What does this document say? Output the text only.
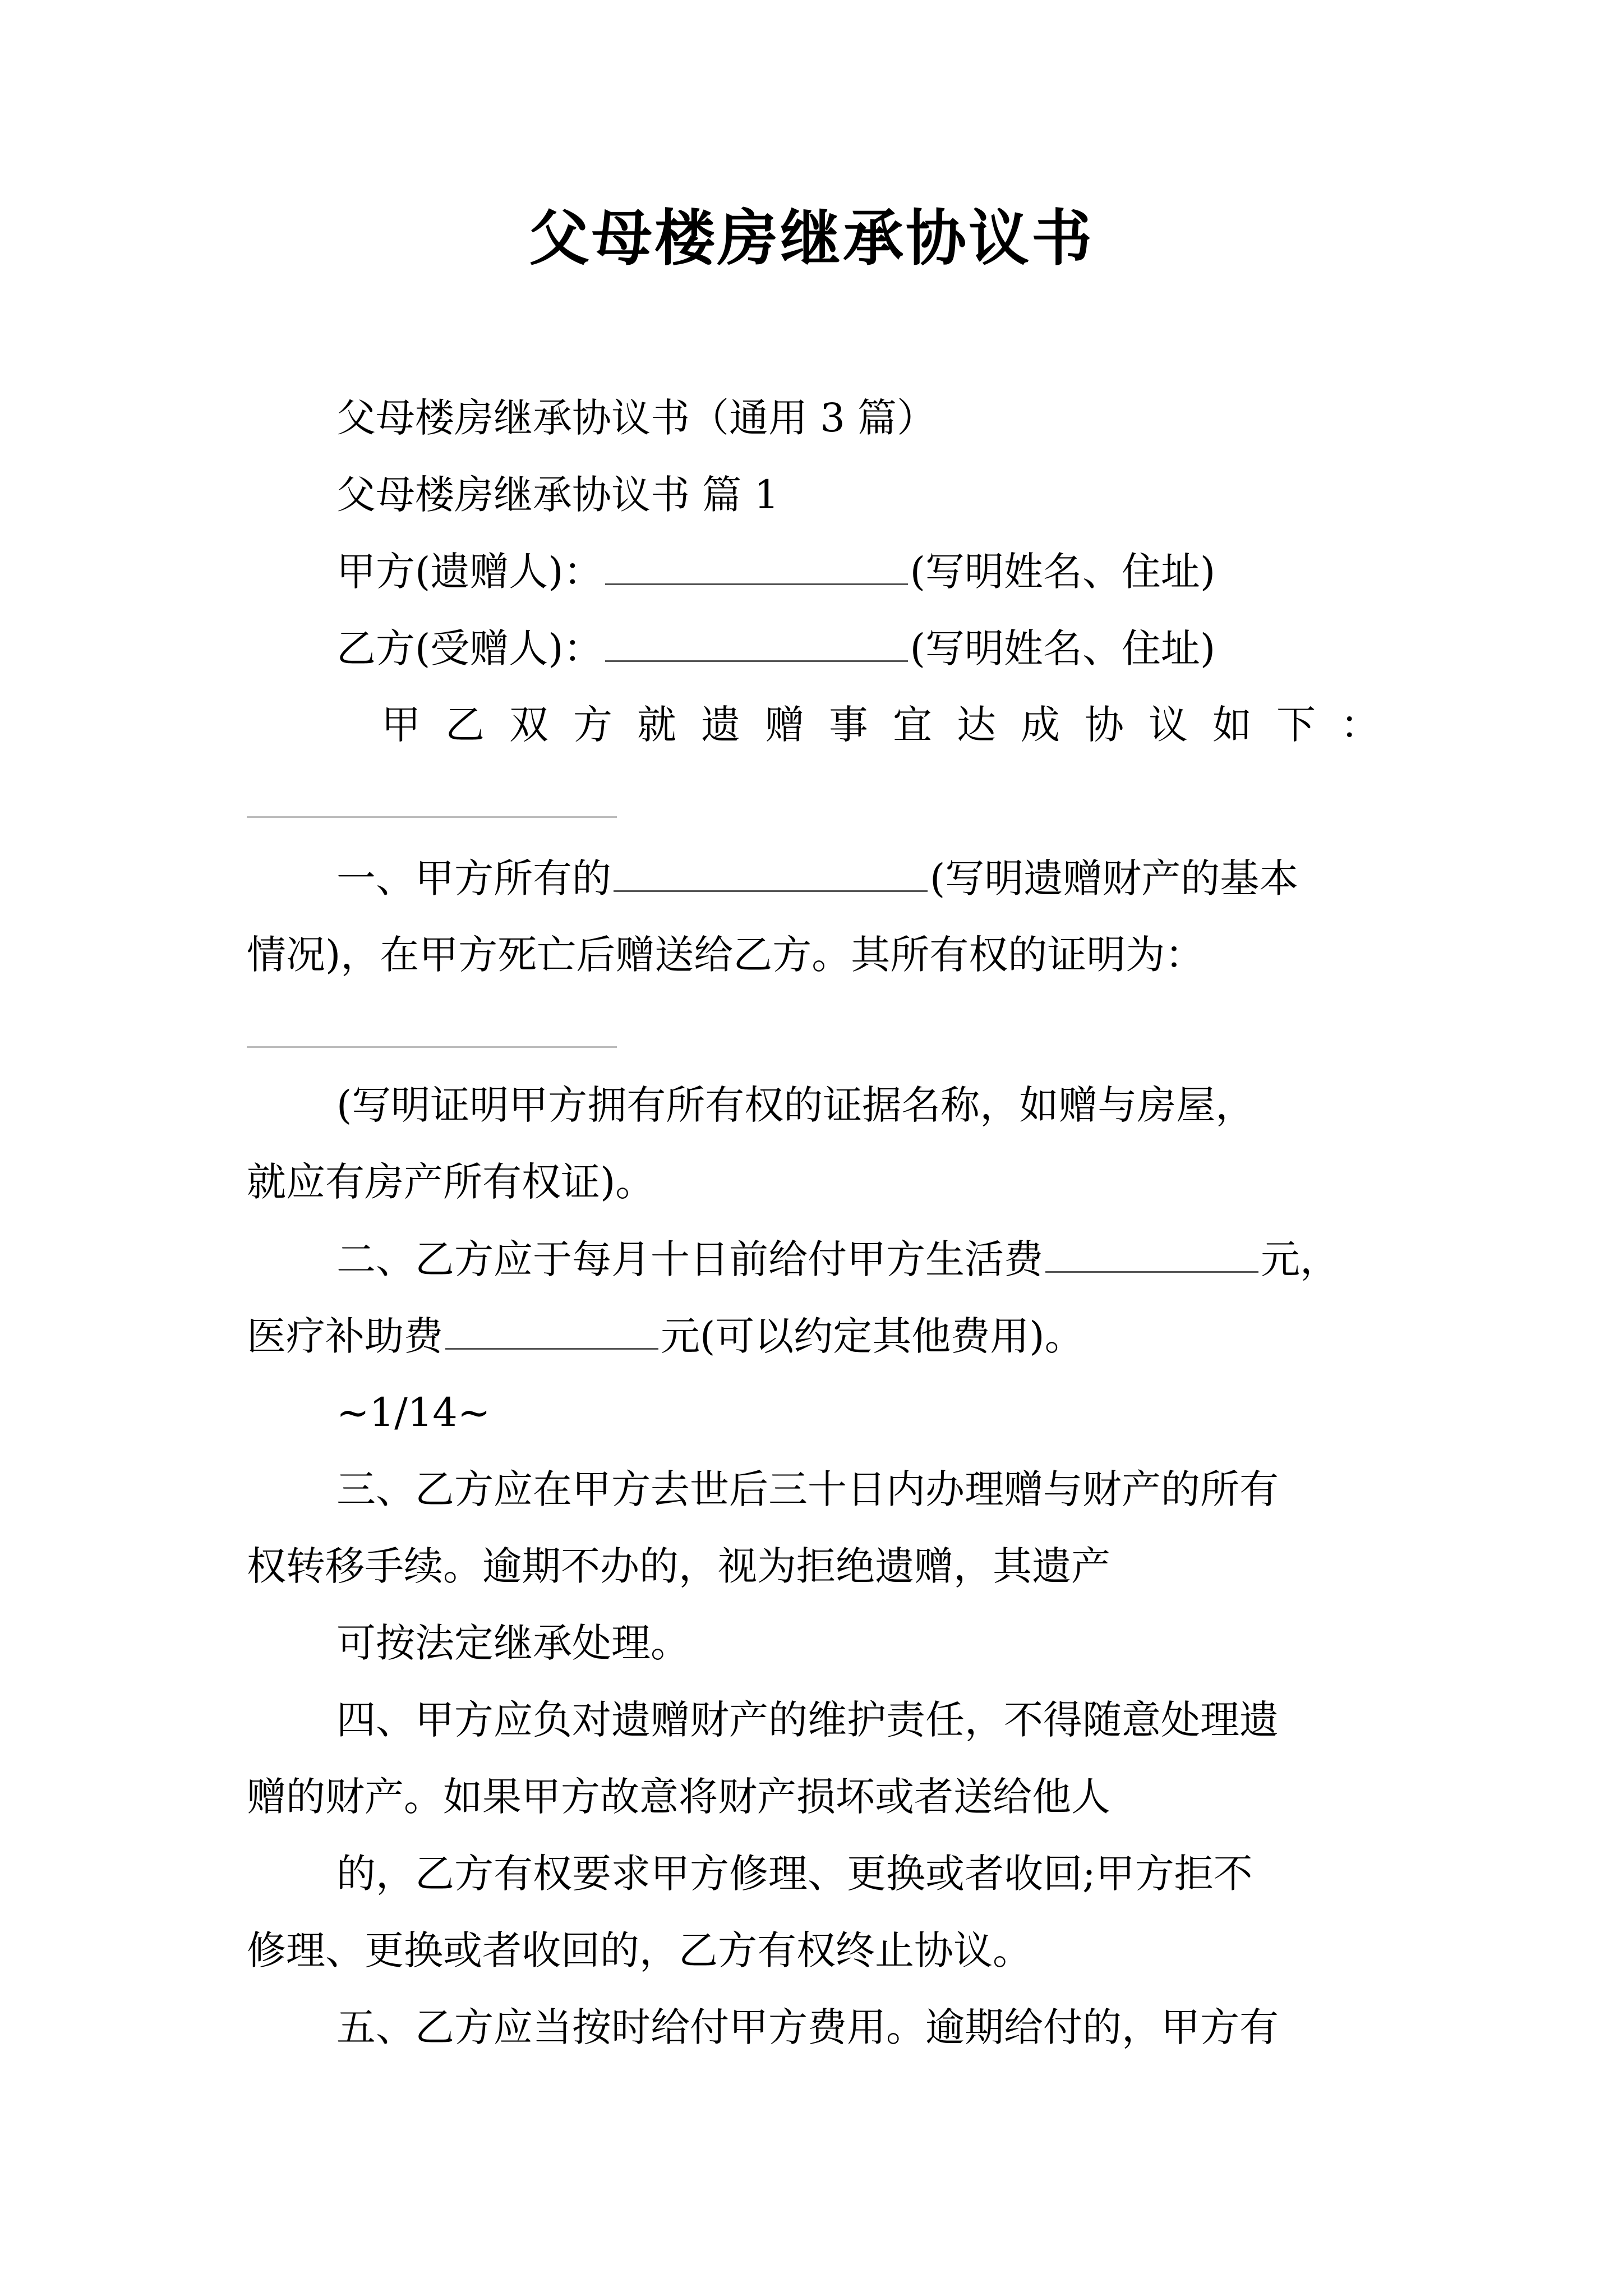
父母楼房继承协议书
父母楼房继承协议书（通用 3 篇）
父母楼房继承协议书 篇 1
甲方(遗赠人)：	(写明姓名、住址)
乙方(受赠人)：	(写明姓名、住址)
甲 乙 双 方 就 遗 赠 事 宜 达 成 协 议 如 下 ：
一、甲方所有的	(写明遗赠财产的基本
情况)，在甲方死亡后赠送给乙方。其所有权的证明为：
(写明证明甲方拥有所有权的证据名称，如赠与房屋，
就应有房产所有权证)。
二、乙方应于每月十日前给付甲方生活费	元，
医疗补助费	元(可以约定其他费用)。
~1/14~
三、乙方应在甲方去世后三十日内办理赠与财产的所有
权转移手续。逾期不办的，视为拒绝遗赠，其遗产
可按法定继承处理。
四、甲方应负对遗赠财产的维护责任，不得随意处理遗
赠的财产。如果甲方故意将财产损坏或者送给他人
的，乙方有权要求甲方修理、更换或者收回;甲方拒不
修理、更换或者收回的，乙方有权终止协议。
五、乙方应当按时给付甲方费用。逾期给付的，甲方有
